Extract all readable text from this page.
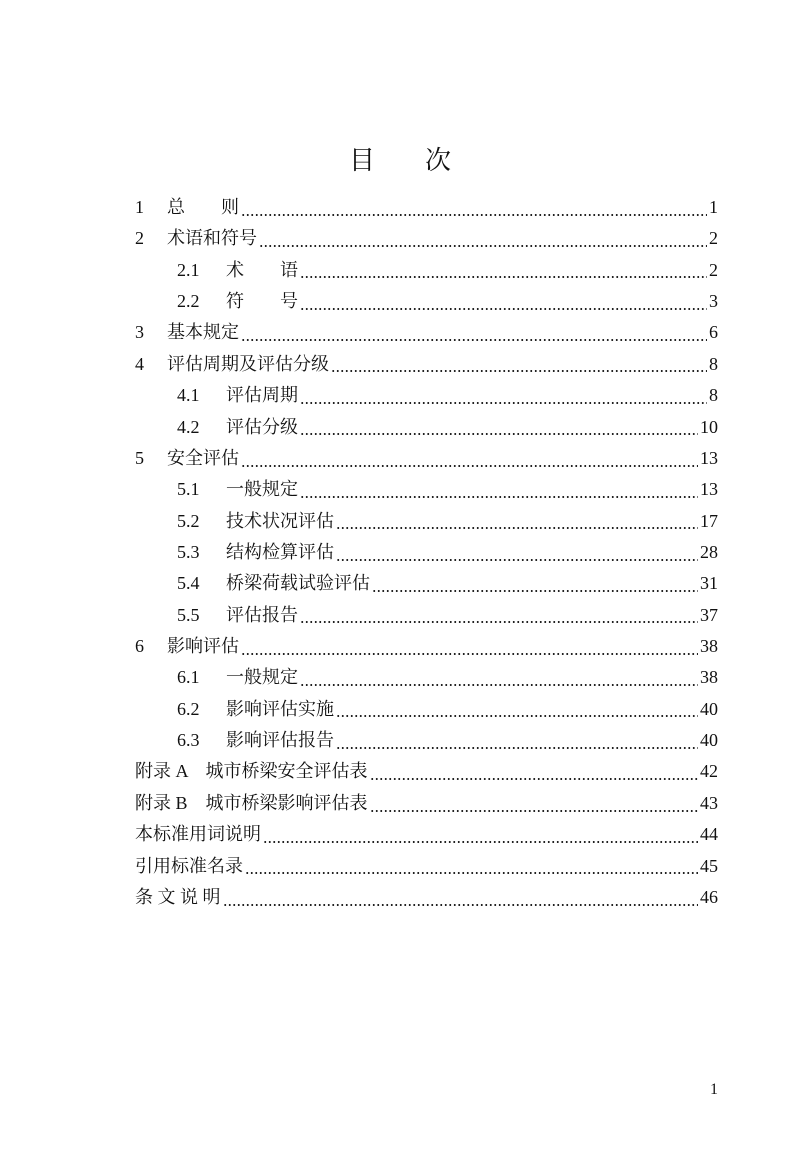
目 次
1	总　　则	1
2	术语和符号	2
2.1	术　　语	2
2.2	符　　号	3
3	基本规定	6
4	评估周期及评估分级	8
4.1	评估周期	8
4.2	评估分级	10
5	安全评估	13
5.1	一般规定	13
5.2	技术状况评估	17
5.3	结构检算评估	28
5.4	桥梁荷载试验评估	31
5.5	评估报告	37
6	影响评估	38
6.1	一般规定	38
6.2	影响评估实施	40
6.3	影响评估报告	40
附录 A　城市桥梁安全评估表	42
附录 B　城市桥梁影响评估表	43
本标准用词说明	44
引用标准名录	45
条 文 说 明	46
1
